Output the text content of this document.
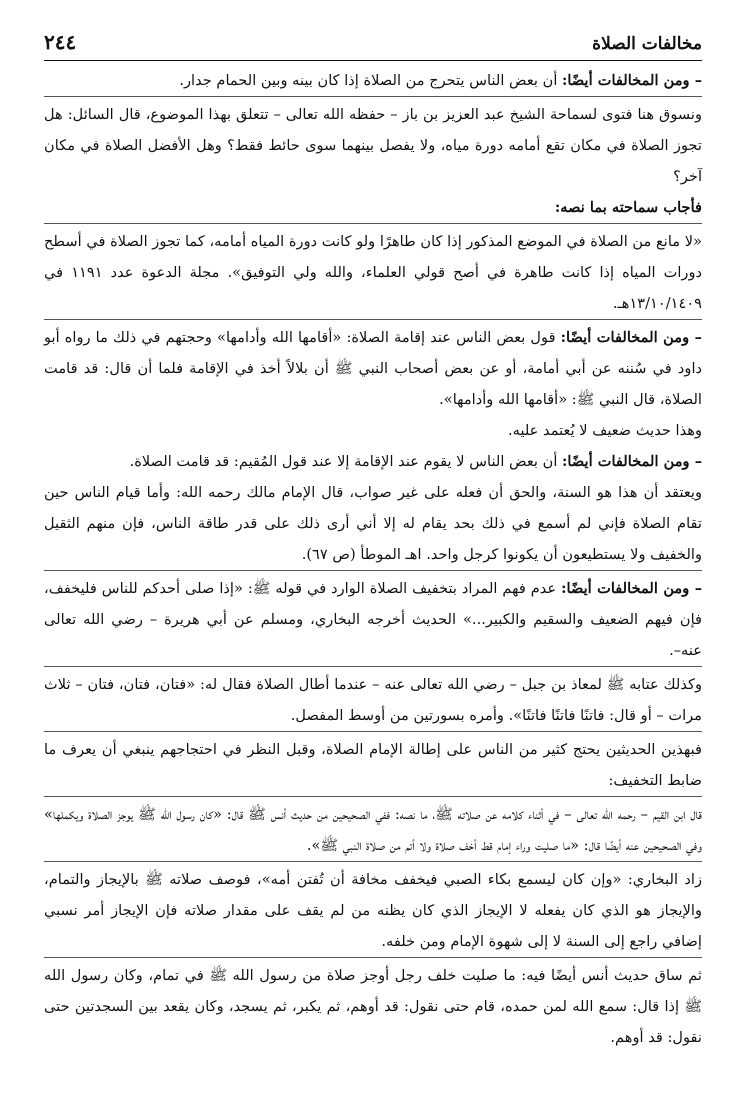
مخالفات الصلاة
٢٤٤

– ومن المخالفات أيضًا: أن بعض الناس يتحرج من الصلاة إذا كان بينه وبين الحمام جدار.

ونسوق هنا فتوى لسماحة الشيخ عبد العزيز بن باز – حفظه الله تعالى – تتعلق بهذا الموضوع، قال السائل: هل تجوز الصلاة في مكان تقع أمامه دورة مياه، ولا يفصل بينهما سوى حائط فقط؟ وهل الأفضل الصلاة في مكان آخر؟

فأجاب سماحته بما نصه:

«لا مانع من الصلاة في الموضع المذكور إذا كان طاهرًا ولو كانت دورة المياه أمامه، كما تجوز الصلاة في أسطح دورات المياه إذا كانت طاهرة في أصح قولي العلماء، والله ولي التوفيق». مجلة الدعوة عدد ١١٩١ في ١٣/١٠/١٤٠٩هـ.

– ومن المخالفات أيضًا: قول بعض الناس عند إقامة الصلاة: «أقامها الله وأدامها» وحجتهم في ذلك ما رواه أبو داود في سُننه عن أبي أمامة، أو عن بعض أصحاب النبي ﷺ أن بلالاً أخذ في الإقامة فلما أن قال: قد قامت الصلاة، قال النبي ﷺ: «أقامها الله وأدامها».

وهذا حديث ضعيف لا يُعتمد عليه.

– ومن المخالفات أيضًا: أن بعض الناس لا يقوم عند الإقامة إلا عند قول المُقيم: قد قامت الصلاة.

ويعتقد أن هذا هو السنة، والحق أن فعله على غير صواب، قال الإمام مالك رحمه الله: وأما قيام الناس حين تقام الصلاة فإني لم أسمع في ذلك بحد يقام له إلا أني أرى ذلك على قدر طاقة الناس، فإن منهم الثقيل والخفيف ولا يستطيعون أن يكونوا كرجل واحد. اهـ الموطأ (ص ٦٧).

– ومن المخالفات أيضًا: عدم فهم المراد بتخفيف الصلاة الوارد في قوله ﷺ: «إذا صلى أحدكم للناس فليخفف، فإن فيهم الضعيف والسقيم والكبير...» الحديث أخرجه البخاري، ومسلم عن أبي هريرة – رضي الله تعالى عنه–.

وكذلك عتابه ﷺ لمعاذ بن جبل – رضي الله تعالى عنه – عندما أطال الصلاة فقال له: «فتان، فتان، فتان – ثلاث مرات – أو قال: فاتنًا فاتنًا فاتنًا». وأمره بسورتين من أوسط المفصل.

فبهذين الحديثين يحتج كثير من الناس على إطالة الإمام الصلاة، وقبل النظر في احتجاجهم ينبغي أن يعرف ما ضابط التخفيف:

قال ابن القيم – رحمه الله تعالى – في أثناء كلامه عن صلاته ﷺ، ما نصه: ففي الصحيحين من حديث أنس ﷺ قال: «كان رسول الله ﷺ يوجز الصلاة ويكملها» وفي الصحيحين عنه أيضًا قال: «ما صليت وراء إمام قط أخف صلاة ولا أتم من صلاة النبي ﷺ».

زاد البخاري: «وإن كان ليسمع بكاء الصبي فيخفف مخافة أن تُفتن أمه»، فوصف صلاته ﷺ بالإيجاز والتمام، والإيجاز هو الذي كان يفعله لا الإيجاز الذي كان يظنه من لم يقف على مقدار صلاته فإن الإيجاز أمر نسبي إضافي راجع إلى السنة لا إلى شهوة الإمام ومن خلفه.

ثم ساق حديث أنس أيضًا فيه: ما صليت خلف رجل أوجز صلاة من رسول الله ﷺ في تمام، وكان رسول الله ﷺ إذا قال: سمع الله لمن حمده، قام حتى نقول: قد أوهم، ثم يكبر، ثم يسجد، وكان يقعد بين السجدتين حتى نقول: قد أوهم.
